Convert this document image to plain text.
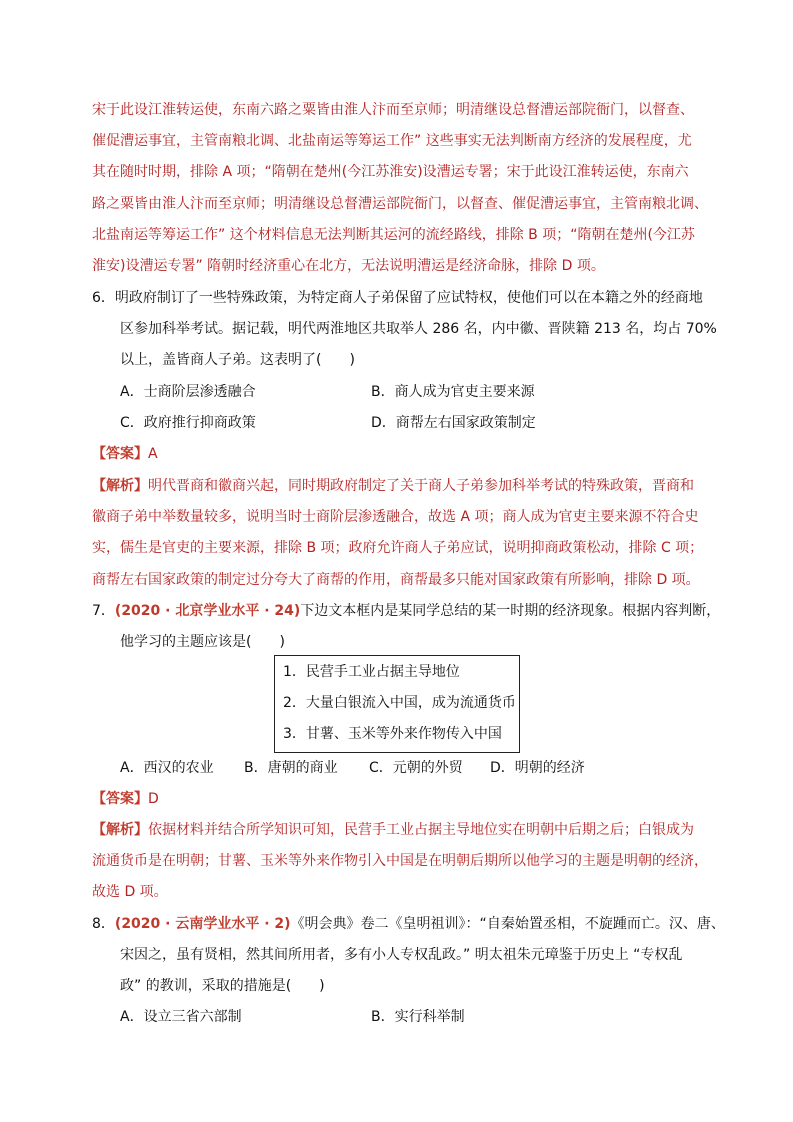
宋于此设江淮转运使，东南六路之粟皆由淮人汴而至京师；明清继设总督漕运部院衙门，以督查、
催促漕运事宜，主管南粮北调、北盐南运等筹运工作” 这些事实无法判断南方经济的发展程度，尤
其在随时时期，排除 A 项；“隋朝在楚州(今江苏淮安)设漕运专署；宋于此设江淮转运使，东南六
路之粟皆由淮人汴而至京师；明清继设总督漕运部院衙门，以督查、催促漕运事宜，主管南粮北调、
北盐南运等筹运工作” 这个材料信息无法判断其运河的流经路线，排除 B 项；“隋朝在楚州(今江苏
淮安)设漕运专署” 隋朝时经济重心在北方，无法说明漕运是经济命脉，排除 D 项。
6．明政府制订了一些特殊政策，为特定商人子弟保留了应试特权，使他们可以在本籍之外的经商地
区参加科举考试。据记载，明代两淮地区共取举人 286 名，内中徽、晋陕籍 213 名，均占 70%
以上，盖皆商人子弟。这表明了(　　)
A．士商阶层渗透融合	B．商人成为官吏主要来源
C．政府推行抑商政策	D．商帮左右国家政策制定
【答案】A
【解析】明代晋商和徽商兴起，同时期政府制定了关于商人子弟参加科举考试的特殊政策，晋商和
徽商子弟中举数量较多，说明当时士商阶层渗透融合，故选 A 项；商人成为官吏主要来源不符合史
实，儒生是官吏的主要来源，排除 B 项；政府允许商人子弟应试，说明抑商政策松动，排除 C 项；
商帮左右国家政策的制定过分夸大了商帮的作用，商帮最多只能对国家政策有所影响，排除 D 项。
7．(2020 · 北京学业水平 · 24)下边文本框内是某同学总结的某一时期的经济现象。根据内容判断，
他学习的主题应该是(　　)
1．民营手工业占据主导地位
2．大量白银流入中国，成为流通货币
3．甘薯、玉米等外来作物传入中国
A．西汉的农业 B．唐朝的商业 C．元朝的外贸 D．明朝的经济
【答案】D
【解析】依据材料并结合所学知识可知，民营手工业占据主导地位实在明朝中后期之后；白银成为
流通货币是在明朝；甘薯、玉米等外来作物引入中国是在明朝后期所以他学习的主题是明朝的经济，
故选 D 项。
8．(2020 · 云南学业水平 · 2)《明会典》卷二《皇明祖训》：“自秦始置丞相，不旋踵而亡。汉、唐、
宋因之，虽有贤相，然其间所用者，多有小人专权乱政。” 明太祖朱元璋鉴于历史上 “专权乱
政” 的教训，采取的措施是(　　)
A．设立三省六部制	B．实行科举制
